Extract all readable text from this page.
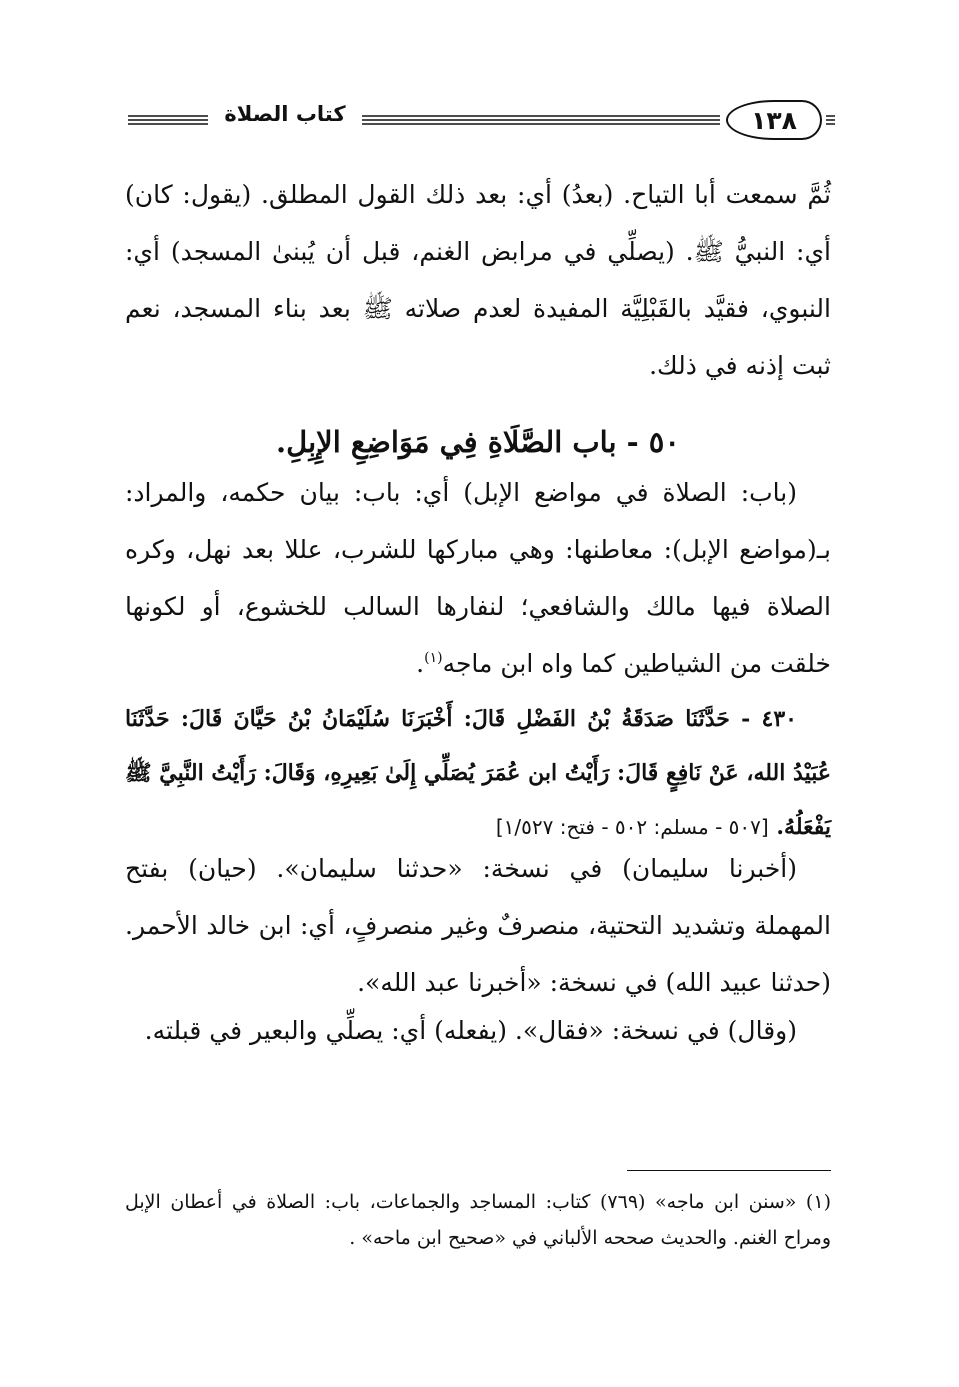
كتاب الصلاة	١٣٨

ثُمَّ سمعت أبا التياح. (بعدُ) أي: بعد ذلك القول المطلق. (يقول: كان) أي: النبيُّ ﷺ. (يصلِّي في مرابض الغنم، قبل أن يُبنىٰ المسجد) أي: النبوي، فقيَّد بالقَبْلِيَّة المفيدة لعدم صلاته ﷺ بعد بناء المسجد، نعم ثبت إذنه في ذلك.

٥٠ - باب الصَّلَاةِ فِي مَوَاضِعِ الإِبِلِ.

(باب: الصلاة في مواضع الإبل) أي: باب: بيان حكمه، والمراد: بـ(مواضع الإبل): معاطنها: وهي مباركها للشرب، عللا بعد نهل، وكره الصلاة فيها مالك والشافعي؛ لنفارها السالب للخشوع، أو لكونها خلقت من الشياطين كما واه ابن ماجه$^{(١)}$.

٤٣٠ - حَدَّثَنَا صَدَقَةُ بْنُ الفَضْلِ قَالَ: أَخْبَرَنَا سُلَيْمَانُ بْنُ حَيَّانَ قَالَ: حَدَّثَنَا عُبَيْدُ الله، عَنْ نَافِعٍ قَالَ: رَأَيْتُ ابن عُمَرَ يُصَلِّي إِلَىٰ بَعِيرِهِ، وَقَالَ: رَأَيْتُ النَّبِيَّ ﷺ يَفْعَلُهُ. [٥٠٧ - مسلم: ٥٠٢ - فتح: ١/٥٢٧]

(أخبرنا سليمان) في نسخة: «حدثنا سليمان». (حيان) بفتح المهملة وتشديد التحتية، منصرفٌ وغير منصرفٍ، أي: ابن خالد الأحمر. (حدثنا عبيد الله) في نسخة: «أخبرنا عبد الله».

(وقال) في نسخة: «فقال». (يفعله) أي: يصلِّي والبعير في قبلته.

(١) «سنن ابن ماجه» (٧٦٩) كتاب: المساجد والجماعات، باب: الصلاة في أعطان الإبل ومراح الغنم. والحديث صححه الألباني في «صحيح ابن ماحه» .
